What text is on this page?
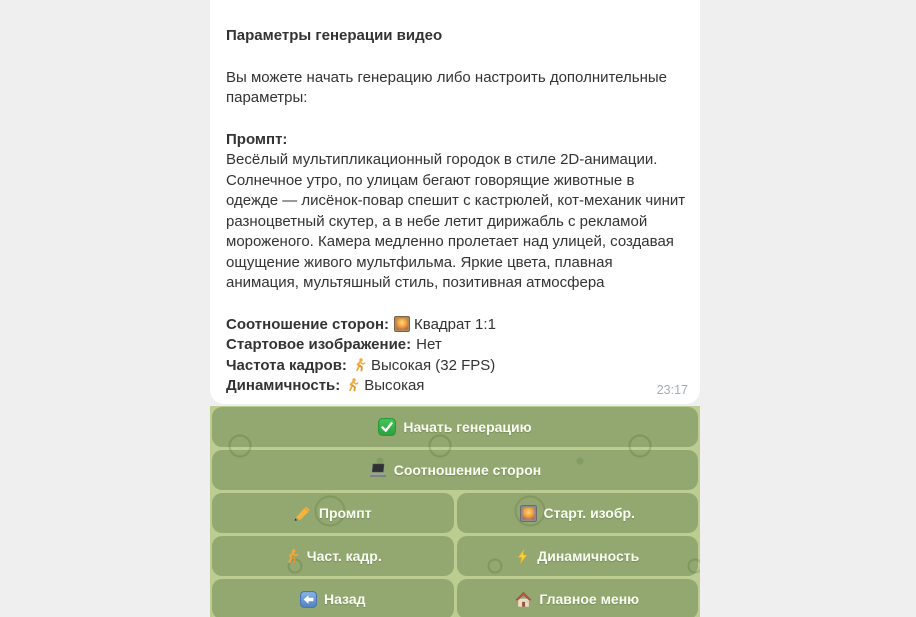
Параметры генерации видео

Вы можете начать генерацию либо настроить дополнительные параметры:

Промпт:
Весёлый мультипликационный городок в стиле 2D-анимации. Солнечное утро, по улицам бегают говорящие животные в одежде — лисёнок-повар спешит с кастрюлей, кот-механик чинит разноцветный скутер, а в небе летит дирижабль с рекламой мороженого. Камера медленно пролетает над улицей, создавая ощущение живого мультфильма. Яркие цвета, плавная анимация, мультяшный стиль, позитивная атмосфера
Соотношение сторон: Квадрат 1:1
Стартовое изображение: Нет
Частота кадров: Высокая (32 FPS)
Динамичность: Высокая	23:17
Начать генерацию
Соотношение сторон
Промпт	Старт. изобр.
Част. кадр.	Динамичность
Назад	Главное меню
